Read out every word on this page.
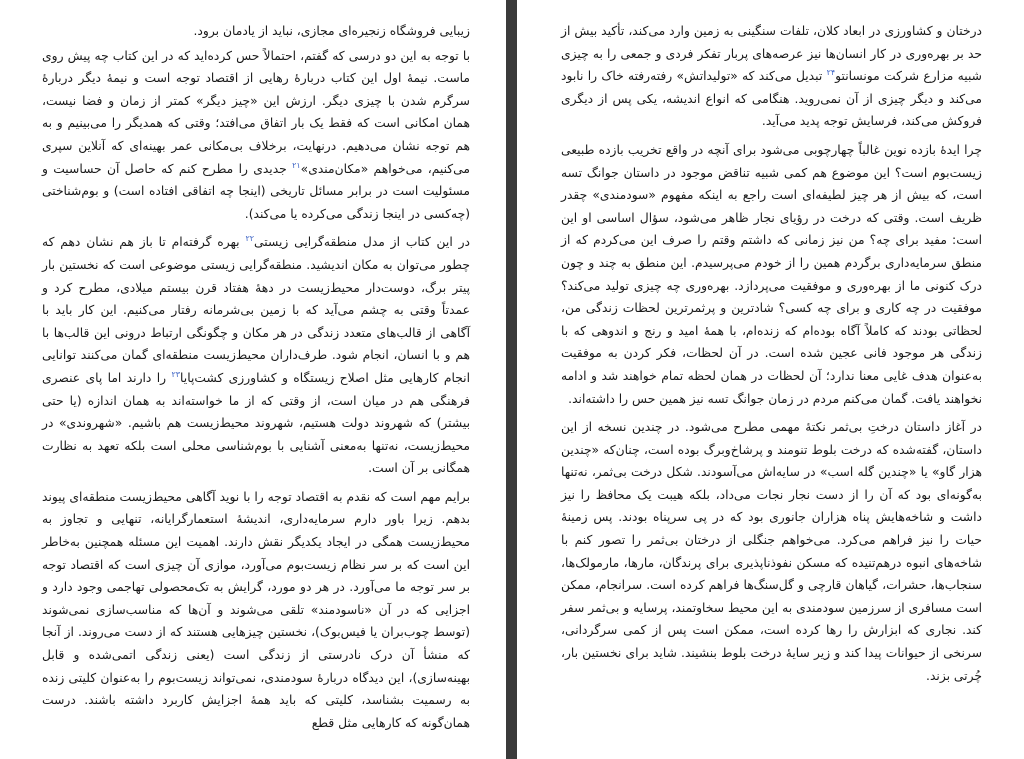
زیبایی فروشگاه زنجیره‌ای مجازی، نباید از یادمان برود.

با توجه به این دو درسی که گفتم، احتمالاً حس کرده‌اید که در این کتاب چه پیش روی ماست. نیمهٔ اول این کتاب دربارهٔ رهایی از اقتصاد توجه است و نیمهٔ دیگر دربارهٔ سرگرم شدن با چیزی دیگر. ارزش این «چیز دیگر» کمتر از زمان و فضا نیست، همان امکانی است که فقط یک بار اتفاق می‌افتد؛ وقتی که همدیگر را می‌بینیم و به هم توجه نشان می‌دهیم. درنهایت، برخلاف بی‌مکانی عمر بهینه‌ای که آنلاین سپری می‌کنیم، می‌خواهم «مکان‌مندی»$^{۲۱}$ جدیدی را مطرح کنم که حاصل آن حساسیت و مسئولیت است در برابر مسائل تاریخی (اینجا چه اتفاقی افتاده است) و بوم‌شناختی (چه‌کسی در اینجا زندگی می‌کرده یا می‌کند).

در این کتاب از مدل منطقه‌گرایی زیستی$^{۲۲}$ بهره گرفته‌ام تا باز هم نشان دهم که چطور می‌توان به مکان اندیشید. منطقه‌گرایی زیستی موضوعی است که نخستین بار پیتر برگ، دوست‌دار محیط‌زیست در دههٔ هفتاد قرن بیستم میلادی، مطرح کرد و عمدتاً وقتی به چشم می‌آید که با زمین بی‌شرمانه رفتار می‌کنیم. این کار باید با آگاهی از قالب‌های متعدد زندگی در هر مکان و چگونگی ارتباط درونی این قالب‌ها با هم و با انسان، انجام شود. طرف‌داران محیط‌زیست منطقه‌ای گمان می‌کنند توانایی انجام کارهایی مثل اصلاح زیستگاه و کشاورزی کشت‌پایا$^{۲۳}$ را دارند اما پای عنصری فرهنگی هم در میان است، از وقتی که از ما خواسته‌اند به همان اندازه (یا حتی بیشتر) که شهروند دولت هستیم، شهروند محیط‌زیست هم باشیم. «شهروندی» در محیط‌زیست، نه‌تنها به‌معنی آشنایی با بوم‌شناسی محلی است بلکه تعهد به نظارت همگانی بر آن است.

برایم مهم است که نقدم به اقتصاد توجه را با نوید آگاهی محیط‌زیست منطقه‌ای پیوند بدهم. زیرا باور دارم سرمایه‌داری، اندیشهٔ استعمارگرایانه، تنهایی و تجاوز به محیط‌زیست همگی در ایجاد یکدیگر نقش دارند. اهمیت این مسئله همچنین به‌خاطر این است که بر سر نظام زیست‌بوم می‌آورد، موازی آن چیزی است که اقتصاد توجه بر سر توجه ما می‌آورد. در هر دو مورد، گرایش به تک‌محصولی تهاجمی وجود دارد و اجزایی که در آن «ناسودمند» تلقی می‌شوند و آن‌ها که مناسب‌سازی نمی‌شوند (توسط چوب‌بران یا فیس‌بوک)، نخستین چیزهایی هستند که از دست می‌روند. از آنجا که منشأ آن درک نادرستی از زندگی است (یعنی زندگی اتمی‌شده و قابل بهینه‌سازی)، این دیدگاه دربارهٔ سودمندی، نمی‌تواند زیست‌بوم را به‌عنوان کلیتی زنده به رسمیت بشناسد، کلیتی که باید همهٔ اجزایش کاربرد داشته باشند. درست همان‌گونه که کارهایی مثل قطع

درختان و کشاورزی در ابعاد کلان، تلفات سنگینی به زمین وارد می‌کند، تأکید بیش از حد بر بهره‌وری در کار انسان‌ها نیز عرصه‌های پربار تفکر فردی و جمعی را به چیزی شبیه مزارع شرکت مونسانتو$^{۲۴}$ تبدیل می‌کند که «تولیداتش» رفته‌رفته خاک را نابود می‌کند و دیگر چیزی از آن نمی‌روید. هنگامی که انواع اندیشه، یکی پس از دیگری فروکش می‌کند، فرسایش توجه پدید می‌آید.

چرا ایدهٔ بازده نوین غالباً چهارچوبی می‌شود برای آنچه در واقع تخریب بازده طبیعی زیست‌بوم است؟ این موضوع هم کمی شبیه تناقض موجود در داستان جوانگ تسه است، که بیش از هر چیز لطیفه‌ای است راجع به اینکه مفهوم «سودمندی» چقدر ظریف است. وقتی که درخت در رؤیای نجار ظاهر می‌شود، سؤال اساسی او این است: مفید برای چه؟ من نیز زمانی که داشتم وقتم را صرف این می‌کردم که از منطق سرمایه‌داری برگردم همین را از خودم می‌پرسیدم. این منطق به چند و چون درک کنونی ما از بهره‌وری و موفقیت می‌پردازد. بهره‌وری چه چیزی تولید می‌کند؟ موفقیت در چه کاری و برای چه کسی؟ شادترین و پرثمرترین لحظات زندگی من، لحظاتی بودند که کاملاً آگاه بوده‌ام که زنده‌ام، با همهٔ امید و رنج و اندوهی که با زندگی هر موجود فانی عجین شده است. در آن لحظات، فکر کردن به موفقیت به‌عنوان هدف غایی معنا ندارد؛ آن لحظات در همان لحظه تمام خواهند شد و ادامه نخواهند یافت. گمان می‌کنم مردم در زمان جوانگ تسه نیز همین حس را داشته‌اند.

در آغاز داستان درختِ بی‌ثمر نکتهٔ مهمی مطرح می‌شود. در چندین نسخه از این داستان، گفته‌شده که درخت بلوط تنومند و پرشاخ‌وبرگ بوده است، چنان‌که «چندین هزار گاو» یا «چندین گله اسب» در سایه‌اش می‌آسودند. شکل درخت بی‌ثمر، نه‌تنها به‌گونه‌ای بود که آن را از دست نجار نجات می‌داد، بلکه هیبت یک محافظ را نیز داشت و شاخه‌هایش پناه هزاران جانوری بود که در پی سرپناه بودند. پس زمینهٔ حیات را نیز فراهم می‌کرد. می‌خواهم جنگلی از درختان بی‌ثمر را تصور کنم با شاخه‌های انبوه درهم‌تنیده که مسکن نفوذناپذیری برای پرندگان، مارها، مارمولک‌ها، سنجاب‌ها، حشرات، گیاهان قارچی و گل‌سنگ‌ها فراهم کرده است. سرانجام، ممکن است مسافری از سرزمین سودمندی به این محیط سخاوتمند، پرسایه و بی‌ثمر سفر کند. نجاری که ابزارش را رها کرده است، ممکن است پس از کمی سرگردانی، سرنخی از حیوانات پیدا کند و زیر سایهٔ درخت بلوط بنشیند. شاید برای نخستین بار، چُرتی بزند.
